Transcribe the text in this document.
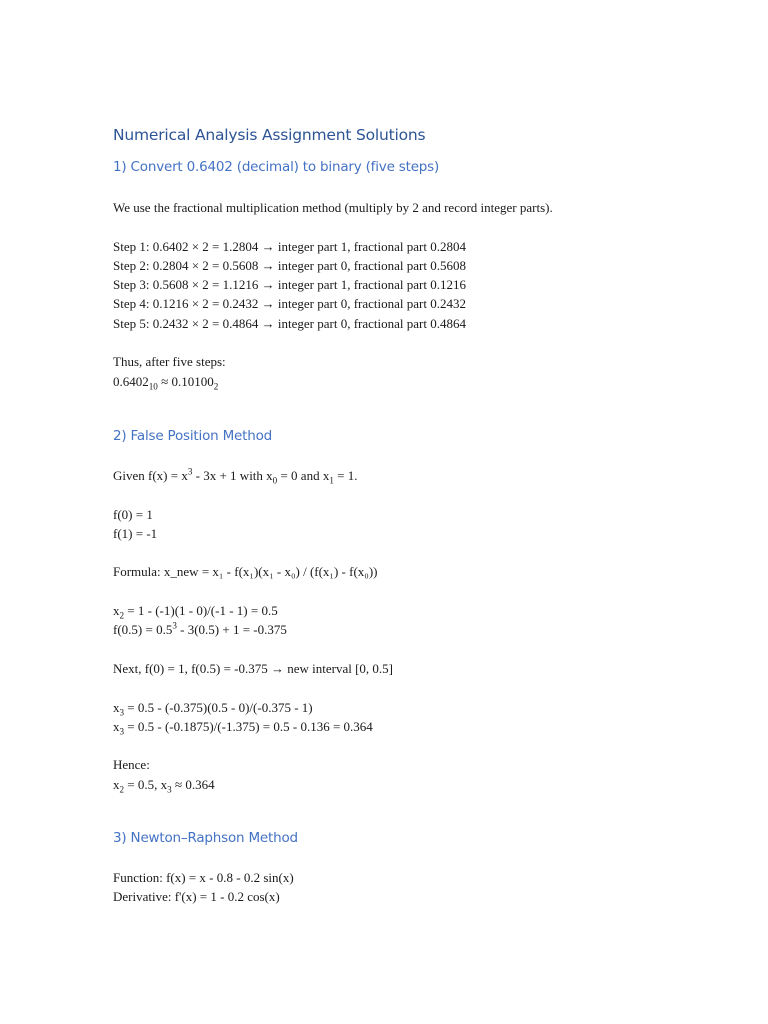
Numerical Analysis Assignment Solutions
1) Convert 0.6402 (decimal) to binary (five steps)
We use the fractional multiplication method (multiply by 2 and record integer parts).
Step 1: 0.6402 × 2 = 1.2804 → integer part 1, fractional part 0.2804
Step 2: 0.2804 × 2 = 0.5608 → integer part 0, fractional part 0.5608
Step 3: 0.5608 × 2 = 1.1216 → integer part 1, fractional part 0.1216
Step 4: 0.1216 × 2 = 0.2432 → integer part 0, fractional part 0.2432
Step 5: 0.2432 × 2 = 0.4864 → integer part 0, fractional part 0.4864
Thus, after five steps:
$0.6402_{10} \approx 0.10100_2$
2) False Position Method
Given $f(x) = x^3 - 3x + 1$ with $x_0 = 0$ and $x_1 = 1$.
f(0) = 1
f(1) = -1
Formula: x_new = x₁ - f(x₁)(x₁ - x₀) / (f(x₁) - f(x₀))
$x_2 = 1 - (-1)(1 - 0)/(-1 - 1) = 0.5$
$f(0.5) = 0.5^3 - 3(0.5) + 1 = -0.375$
Next, f(0) = 1, f(0.5) = -0.375 → new interval [0, 0.5]
$x_3 = 0.5 - (-0.375)(0.5 - 0)/(-0.375 - 1)$
$x_3 = 0.5 - (-0.1875)/(-1.375) = 0.5 - 0.136 = 0.364$
Hence:
$x_2 = 0.5$, $x_3 \approx 0.364$
3) Newton–Raphson Method
Function: f(x) = x - 0.8 - 0.2 sin(x)
Derivative: f'(x) = 1 - 0.2 cos(x)
